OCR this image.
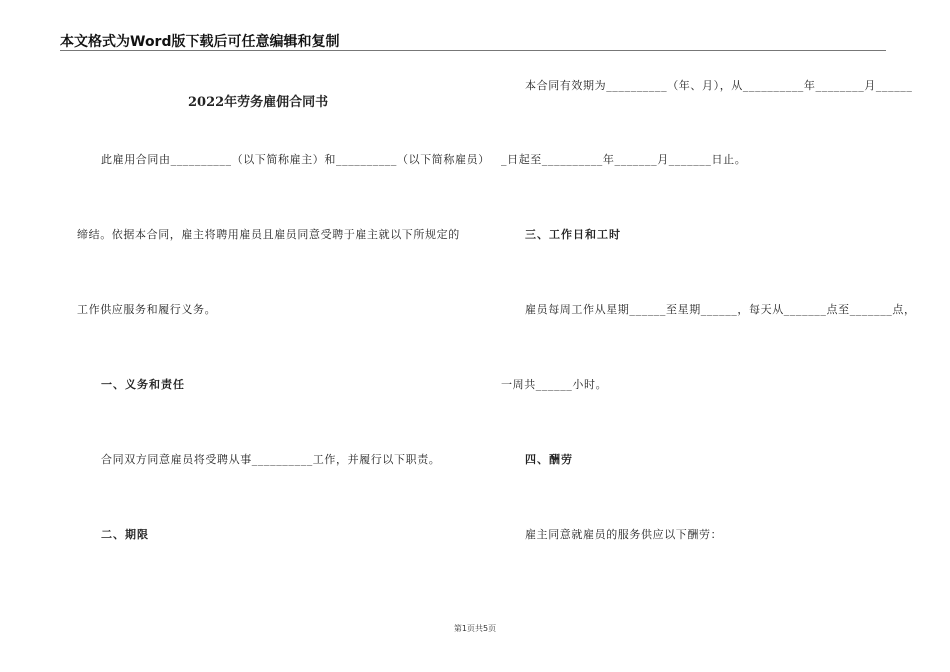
本文格式为Word版下载后可任意编辑和复制
2022年劳务雇佣合同书
此雇用合同由__________（以下简称雇主）和__________（以下简称雇员）
缔结。依据本合同，雇主将聘用雇员且雇员同意受聘于雇主就以下所规定的
工作供应服务和履行义务。
一、义务和责任
合同双方同意雇员将受聘从事__________工作，并履行以下职责。
二、期限
本合同有效期为__________（年、月），从__________年________月______
_日起至__________年_______月_______日止。
三、工作日和工时
雇员每周工作从星期______至星期______，每天从_______点至_______点，
一周共______小时。
四、酬劳
雇主同意就雇员的服务供应以下酬劳：
第1页共5页
